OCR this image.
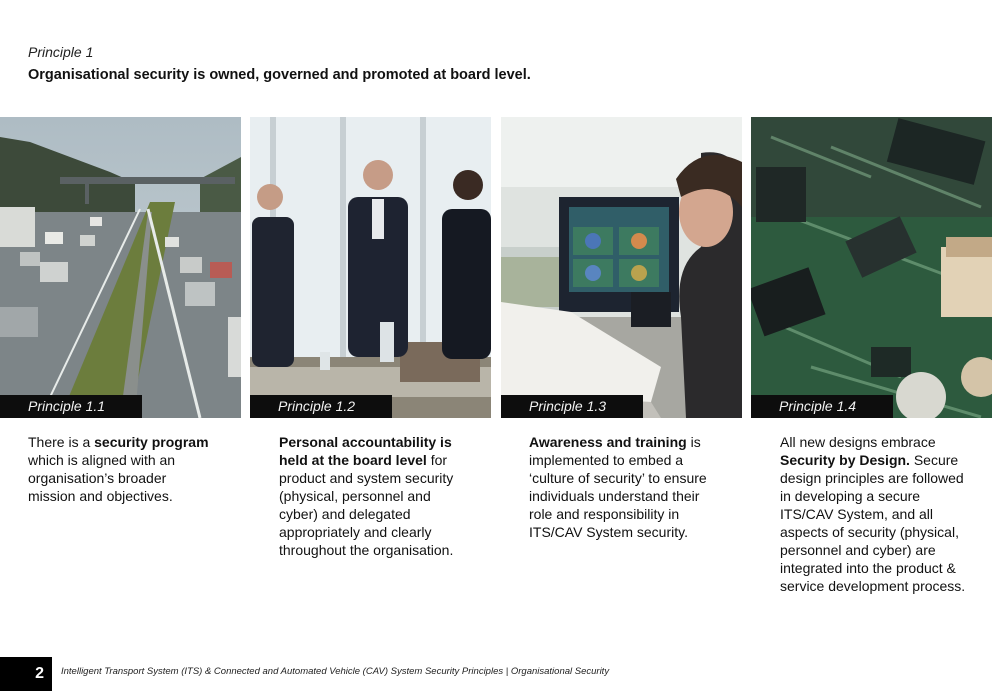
Principle 1
Organisational security is owned, governed and promoted at board level.
Principle 1.1	Principle 1.2	Principle 1.3	Principle 1.4
There is a security program which is aligned with an organisation’s broader mission and objectives.
Personal accountability is held at the board level for product and system security (physical, personnel and cyber) and delegated appropriately and clearly throughout the organisation.
Awareness and training is implemented to embed a ‘culture of security’ to ensure individuals understand their role and responsibility in ITS/CAV System security.
All new designs embrace Security by Design. Secure design principles are followed in developing a secure ITS/CAV System, and all aspects of security (physical, personnel and cyber) are integrated into the product & service development process.
2	Intelligent Transport System (ITS) & Connected and Automated Vehicle (CAV) System Security Principles | Organisational Security
